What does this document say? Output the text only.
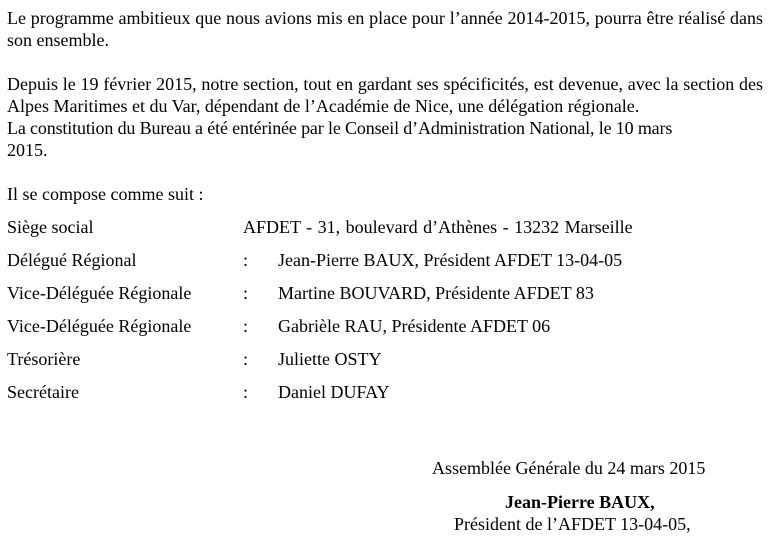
Le programme ambitieux que nous avions mis en place pour l’année 2014-2015, pourra être réalisé dans son ensemble.

Depuis le 19 février 2015, notre section, tout en gardant ses spécificités, est devenue, avec la section des Alpes Maritimes et du Var, dépendant de l’Académie de Nice, une délégation régionale.

La constitution du Bureau a été entérinée par le Conseil d’Administration National, le 10 mars
2015.
Il se compose comme suit :
Siège social	AFDET - 31, boulevard d’Athènes - 13232 Marseille
Délégué Régional	: Jean-Pierre BAUX, Président AFDET 13-04-05
Vice-Déléguée Régionale	: Martine BOUVARD, Présidente AFDET 83
Vice-Déléguée Régionale	: Gabrièle RAU, Présidente AFDET 06
Trésorière	: Juliette OSTY
Secrétaire	: Daniel DUFAY
Assemblée Générale du 24 mars 2015
Jean-Pierre BAUX,
Président de l’AFDET 13-04-05,
